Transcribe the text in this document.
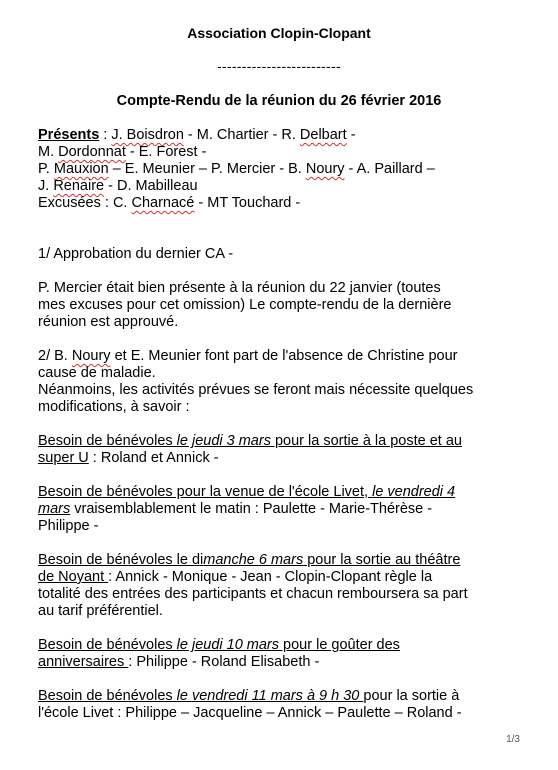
Association Clopin-Clopant
-------------------------
Compte-Rendu de la réunion du 26 février 2016
Présents : J. Boisdron - M. Chartier - R. Delbart -
M. Dordonnat - E. Forest -
P. Mauxion – E. Meunier – P. Mercier - B. Noury - A. Paillard –
J. Renaire - D. Mabilleau
Excusées : C. Charnacé - MT Touchard -
1/ Approbation du dernier CA -
P. Mercier était bien présente à la réunion du 22 janvier (toutes
mes excuses pour cet omission) Le compte-rendu de la dernière
réunion est approuvé.
2/ B. Noury et E. Meunier font part de l'absence de Christine pour
cause de maladie.
Néanmoins, les activités prévues se feront mais nécessite quelques
modifications, à savoir :
Besoin de bénévoles le jeudi 3 mars pour la sortie à la poste et au
super U : Roland et Annick -
Besoin de bénévoles pour la venue de l'école Livet, le vendredi 4
mars vraisemblablement le matin : Paulette - Marie-Thérèse -
Philippe -
Besoin de bénévoles le dimanche 6 mars pour la sortie au théâtre
de Noyant : Annick - Monique - Jean - Clopin-Clopant règle la
totalité des entrées des participants et chacun remboursera sa part
au tarif préférentiel.
Besoin de bénévoles le jeudi 10 mars pour le goûter des
anniversaires : Philippe - Roland Elisabeth -
Besoin de bénévoles le vendredi 11 mars à 9 h 30 pour la sortie à
l'école Livet : Philippe – Jacqueline – Annick – Paulette – Roland -
1/3
